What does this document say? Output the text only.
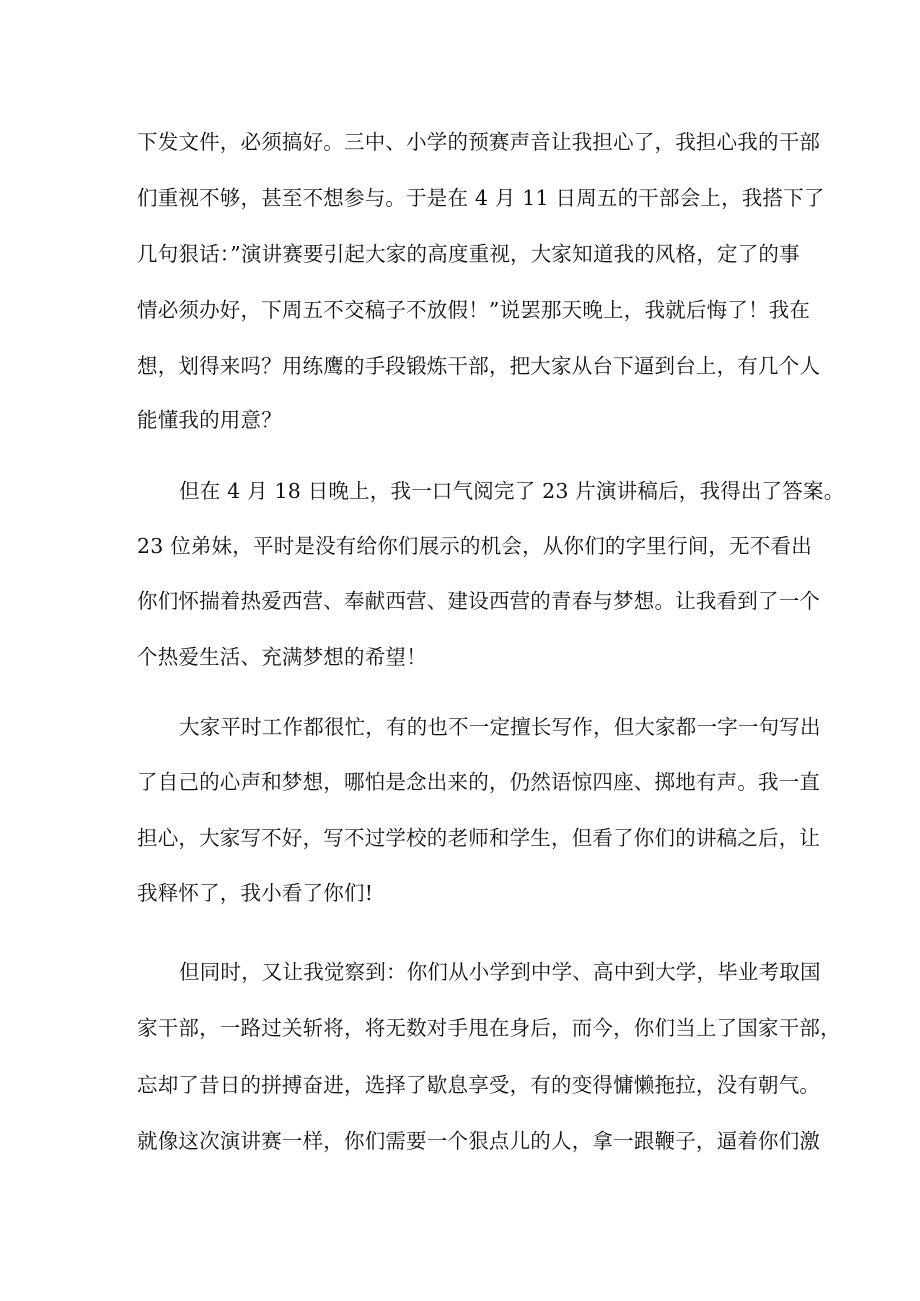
下发文件，必须搞好。三中、小学的预赛声音让我担心了，我担心我的干部
们重视不够，甚至不想参与。于是在 4 月 11 日周五的干部会上，我搭下了
几句狠话：”演讲赛要引起大家的高度重视，大家知道我的风格，定了的事
情必须办好，下周五不交稿子不放假！”说罢那天晚上，我就后悔了！我在
想，划得来吗？用练鹰的手段锻炼干部，把大家从台下逼到台上，有几个人
能懂我的用意？
但在 4 月 18 日晚上，我一口气阅完了 23 片演讲稿后，我得出了答案。
23 位弟妹，平时是没有给你们展示的机会，从你们的字里行间，无不看出
你们怀揣着热爱西营、奉献西营、建设西营的青春与梦想。让我看到了一个
个热爱生活、充满梦想的希望！
大家平时工作都很忙，有的也不一定擅长写作，但大家都一字一句写出
了自己的心声和梦想，哪怕是念出来的，仍然语惊四座、掷地有声。我一直
担心，大家写不好，写不过学校的老师和学生，但看了你们的讲稿之后，让
我释怀了，我小看了你们!
但同时，又让我觉察到：你们从小学到中学、高中到大学，毕业考取国
家干部，一路过关斩将，将无数对手甩在身后，而今，你们当上了国家干部，
忘却了昔日的拼搏奋进，选择了歇息享受，有的变得慵懒拖拉，没有朝气。
就像这次演讲赛一样，你们需要一个狠点儿的人，拿一跟鞭子，逼着你们激
